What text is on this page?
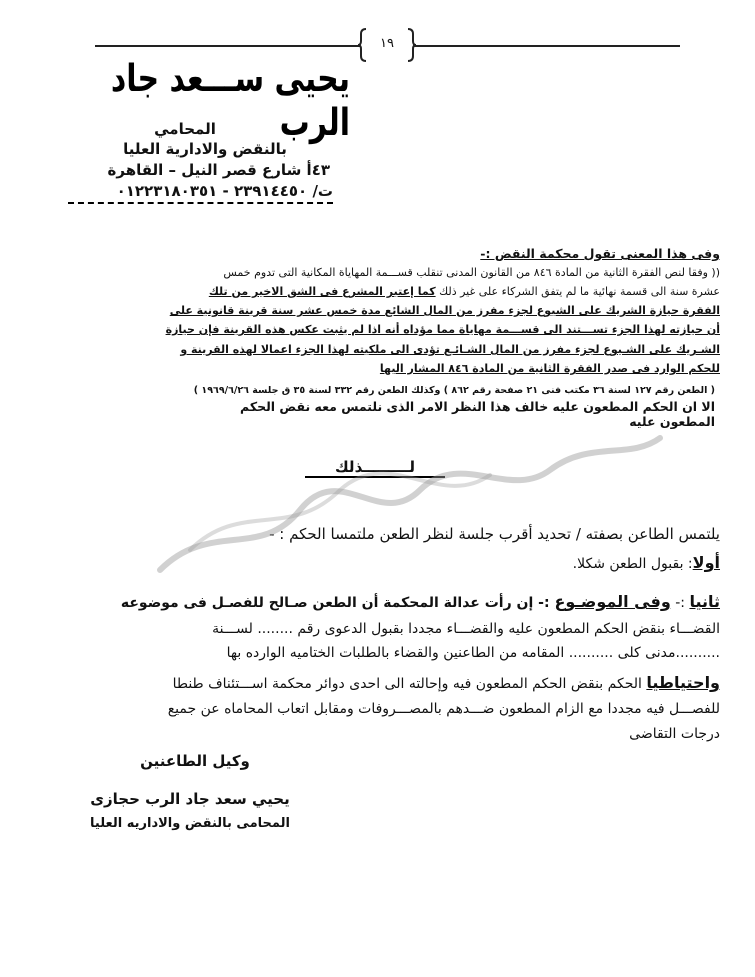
١٩
يحيى ســـعد جاد الرب
المحامي
بالنقض والادارية العليا
٤٣أ شارع قصر النيل – القاهرة
ت/ ٢٣٩١٤٤٥٠ - ٠١٢٢٣١٨٠٣٥١
وفى هذا المعنى تقول محكمة النقض :-
(( وفقا لنص الفقرة الثانية من المادة ٨٤٦ من القانون المدنى تنقلب قســـمة المهاياة المكانية التى تدوم خمس
عشرة سنة الى قسمة نهائية ما لم يتفق الشركاء على غير ذلك كما إعتبر المشرع فى الشق الاخير من تلك
الفقرة حيازة الشريك على الشيوع لجزء مفرز من المال الشائع مدة خمس عشر سنة قرينة قانونية على
أن حيازته لهذا الجزء تســـتند الى قســـمة مهاياة مما مؤداه أنه اذا لم يثبت عكس هذه القرينة فإن حيازة
الشـريك على الشـيوع لجزء مفرز من المال الشـائـع تؤدى الى ملكيته لهذا الجزء اعمالا لهذه القرينة و
للحكم الوارد فى صدر الفقرة الثانية من المادة ٨٤٦ المشار اليها
( الطعن رقم ١٢٧ لسنة ٣٦ مكتب فنى ٢١ صفحة رقم ٨٦٢ ) وكذلك الطعن رقم ٣٣٢ لسنة ٣٥ ق جلسة ١٩٦٩/٦/٢٦ )
الا ان الحكم المطعون عليه خالف هذا النظر الامر الذى نلتمس معه نقض الحكم المطعون عليه
لـــــــــذلك
يلتمس الطاعن بصفته / تحديد أقرب جلسة لنظر الطعن ملتمسا الحكم : -
أولا: بقبول الطعن شكلا.
ثانيا :- وفى الموضـوع :- إن رأت عدالة المحكمة أن الطعن صـالح للفصـل فى موضوعه
القضـــاء بنقض الحكم المطعون عليه والقضـــاء مجددا بقبول الدعوى رقم ........ لســـنة
..........مدنى كلى .......... المقامه من الطاعنين والقضاء بالطلبات الختاميه الوارده بها
واحتياطيا الحكم بنقض الحكم المطعون فيه وإحالته الى احدى دوائر محكمة اســـتئناف طنطا
للفصـــل فيه مجددا مع الزام المطعون ضـــدهم بالمصـــروفات ومقابل اتعاب المحاماه عن جميع
درجات التقاضى
وكيل الطاعنين
يحيي سعد جاد الرب حجازى
المحامى بالنقض والاداريه العليا
